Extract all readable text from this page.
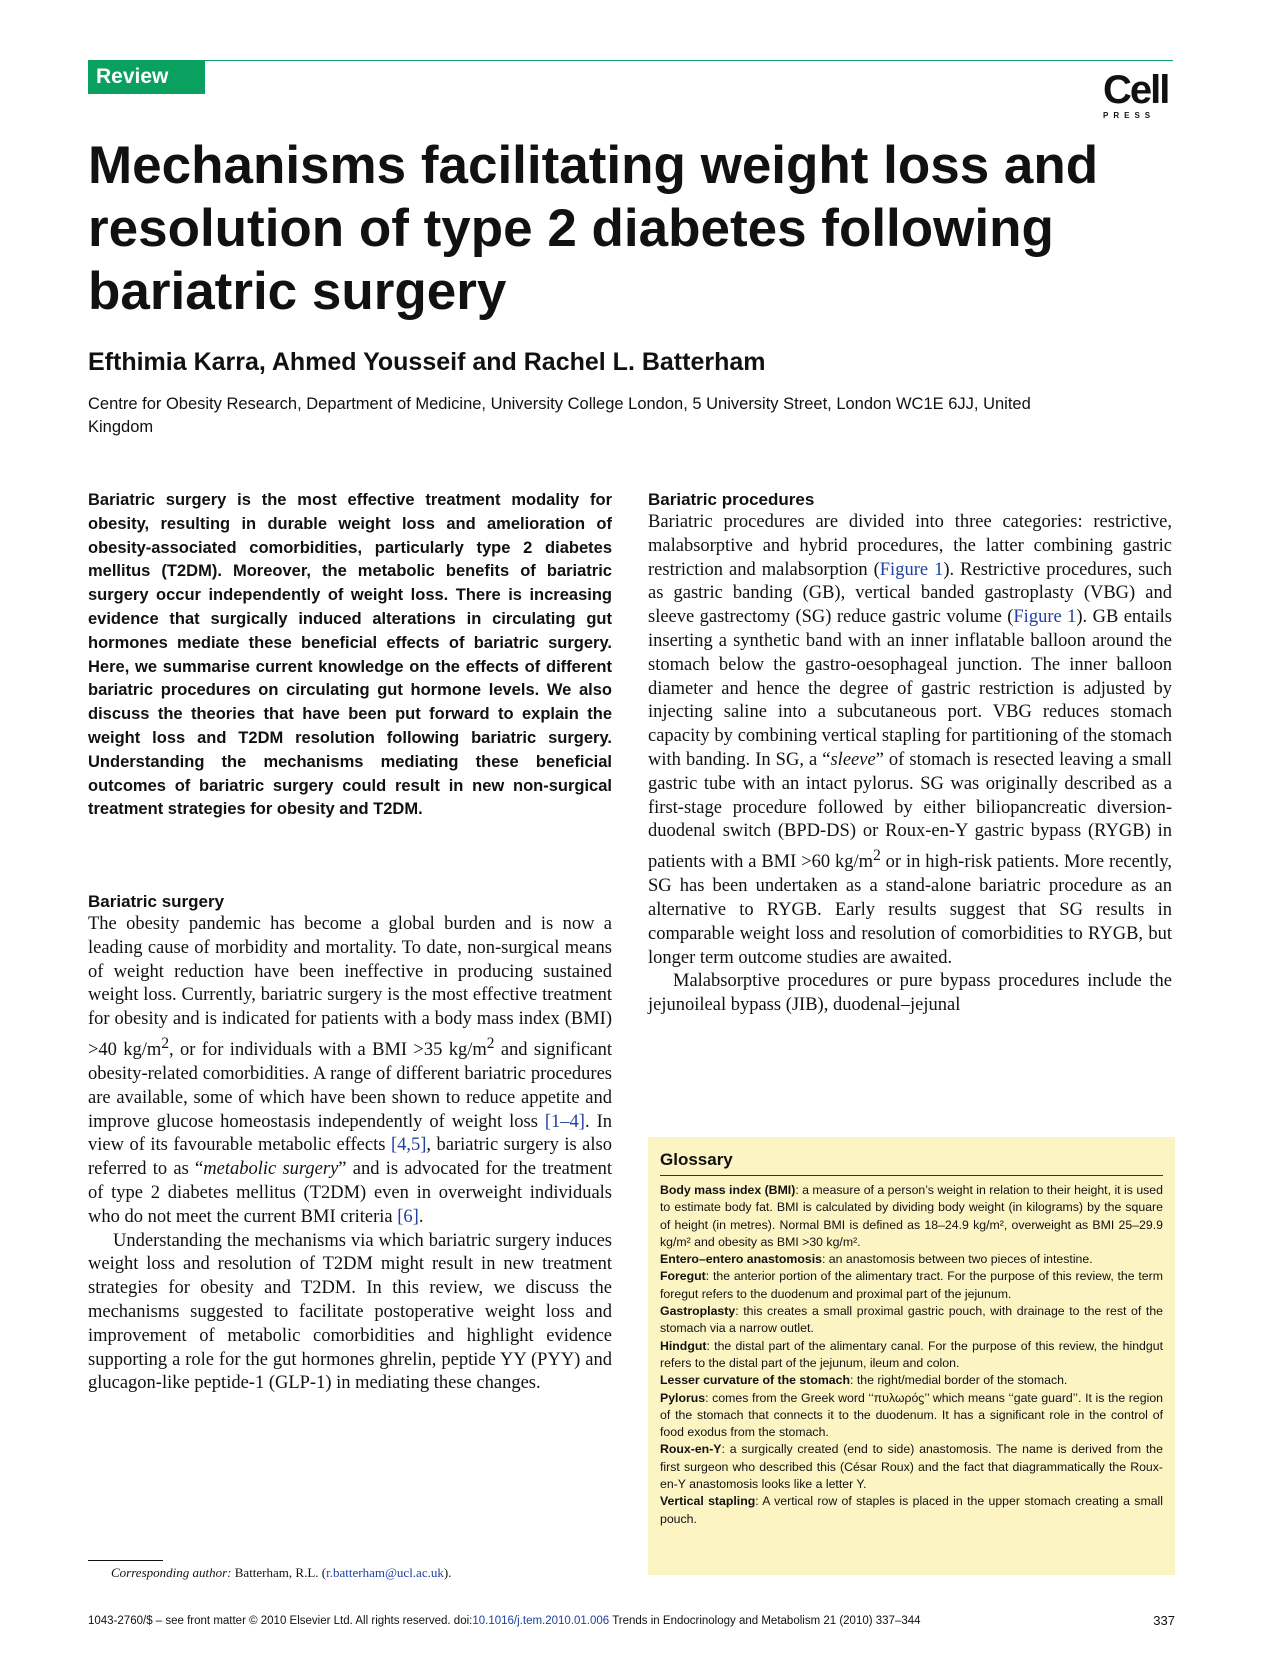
Review	Cell
PRESS
Mechanisms facilitating weight loss and resolution of type 2 diabetes following bariatric surgery

Efthimia Karra, Ahmed Yousseif and Rachel L. Batterham

Centre for Obesity Research, Department of Medicine, University College London, 5 University Street, London WC1E 6JJ, United Kingdom

Bariatric surgery is the most effective treatment modality for obesity, resulting in durable weight loss and amelioration of obesity-associated comorbidities, particularly type 2 diabetes mellitus (T2DM). Moreover, the metabolic benefits of bariatric surgery occur independently of weight loss. There is increasing evidence that surgically induced alterations in circulating gut hormones mediate these beneficial effects of bariatric surgery. Here, we summarise current knowledge on the effects of different bariatric procedures on circulating gut hormone levels. We also discuss the theories that have been put forward to explain the weight loss and T2DM resolution following bariatric surgery. Understanding the mechanisms mediating these beneficial outcomes of bariatric surgery could result in new non-surgical treatment strategies for obesity and T2DM.

Bariatric surgery

The obesity pandemic has become a global burden and is now a leading cause of morbidity and mortality. To date, non-surgical means of weight reduction have been ineffective in producing sustained weight loss. Currently, bariatric surgery is the most effective treatment for obesity and is indicated for patients with a body mass index (BMI) >40 $kg/m^2$, or for individuals with a BMI >35 $kg/m^2$ and significant obesity-related comorbidities. A range of different bariatric procedures are available, some of which have been shown to reduce appetite and improve glucose homeostasis independently of weight loss [1–4]. In view of its favourable metabolic effects [4,5], bariatric surgery is also referred to as “metabolic surgery” and is advocated for the treatment of type 2 diabetes mellitus (T2DM) even in overweight individuals who do not meet the current BMI criteria [6].

Understanding the mechanisms via which bariatric surgery induces weight loss and resolution of T2DM might result in new treatment strategies for obesity and T2DM. In this review, we discuss the mechanisms suggested to facilitate postoperative weight loss and improvement of metabolic comorbidities and highlight evidence supporting a role for the gut hormones ghrelin, peptide YY (PYY) and glucagon-like peptide-1 (GLP-1) in mediating these changes.

Bariatric procedures

Bariatric procedures are divided into three categories: restrictive, malabsorptive and hybrid procedures, the latter combining gastric restriction and malabsorption (Figure 1). Restrictive procedures, such as gastric banding (GB), vertical banded gastroplasty (VBG) and sleeve gastrectomy (SG) reduce gastric volume (Figure 1). GB entails inserting a synthetic band with an inner inflatable balloon around the stomach below the gastro-oesophageal junction. The inner balloon diameter and hence the degree of gastric restriction is adjusted by injecting saline into a subcutaneous port. VBG reduces stomach capacity by combining vertical stapling for partitioning of the stomach with banding. In SG, a “sleeve” of stomach is resected leaving a small gastric tube with an intact pylorus. SG was originally described as a first-stage procedure followed by either biliopancreatic diversion-duodenal switch (BPD-DS) or Roux-en-Y gastric bypass (RYGB) in patients with a BMI >60 $kg/m^2$ or in high-risk patients. More recently, SG has been undertaken as a stand-alone bariatric procedure as an alternative to RYGB. Early results suggest that SG results in comparable weight loss and resolution of comorbidities to RYGB, but longer term outcome studies are awaited.

Malabsorptive procedures or pure bypass procedures include the jejunoileal bypass (JIB), duodenal–jejunal

Glossary

Body mass index (BMI): a measure of a person’s weight in relation to their height, it is used to estimate body fat. BMI is calculated by dividing body weight (in kilograms) by the square of height (in metres). Normal BMI is defined as 18–24.9 kg/m², overweight as BMI 25–29.9 kg/m² and obesity as BMI >30 kg/m².

Entero–entero anastomosis: an anastomosis between two pieces of intestine.

Foregut: the anterior portion of the alimentary tract. For the purpose of this review, the term foregut refers to the duodenum and proximal part of the jejunum.

Gastroplasty: this creates a small proximal gastric pouch, with drainage to the rest of the stomach via a narrow outlet.

Hindgut: the distal part of the alimentary canal. For the purpose of this review, the hindgut refers to the distal part of the jejunum, ileum and colon.

Lesser curvature of the stomach: the right/medial border of the stomach.

Pylorus: comes from the Greek word ‘‘πυλωρόϛ’’ which means ‘‘gate guard’’. It is the region of the stomach that connects it to the duodenum. It has a significant role in the control of food exodus from the stomach.

Roux-en-Y: a surgically created (end to side) anastomosis. The name is derived from the first surgeon who described this (César Roux) and the fact that diagrammatically the Roux-en-Y anastomosis looks like a letter Y.

Vertical stapling: A vertical row of staples is placed in the upper stomach creating a small pouch.

Corresponding author: Batterham, R.L. (r.batterham@ucl.ac.uk).

1043-2760/$ – see front matter © 2010 Elsevier Ltd. All rights reserved. doi:10.1016/j.tem.2010.01.006 Trends in Endocrinology and Metabolism 21 (2010) 337–344	337
